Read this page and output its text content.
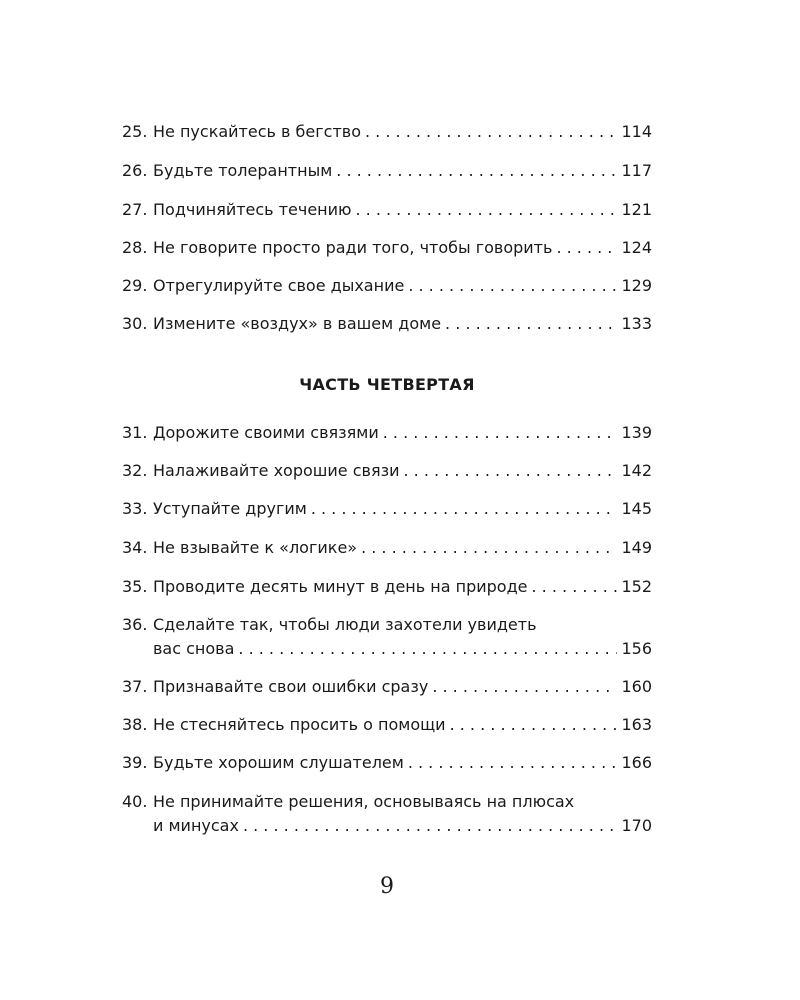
25. Не пускайтесь в бегство . . .	114
26. Будьте толерантным . . .	117
27. Подчиняйтесь течению . . .	121
28. Не говорите просто ради того, чтобы говорить . . .	124
29. Отрегулируйте свое дыхание . . .	129
30. Измените «воздух» в вашем доме . . .	133
ЧАСТЬ ЧЕТВЕРТАЯ
31. Дорожите своими связями . . .	139
32. Налаживайте хорошие связи . . .	142
33. Уступайте другим . . .	145
34. Не взывайте к «логике» . . .	149
35. Проводите десять минут в день на природе . . .	152
36. Сделайте так, чтобы люди захотели увидеть
вас снова . . .	156
37. Признавайте свои ошибки сразу . . .	160
38. Не стесняйтесь просить о помощи . . .	163
39. Будьте хорошим слушателем . . .	166
40. Не принимайте решения, основываясь на плюсах
и минусах . . .	170
9
